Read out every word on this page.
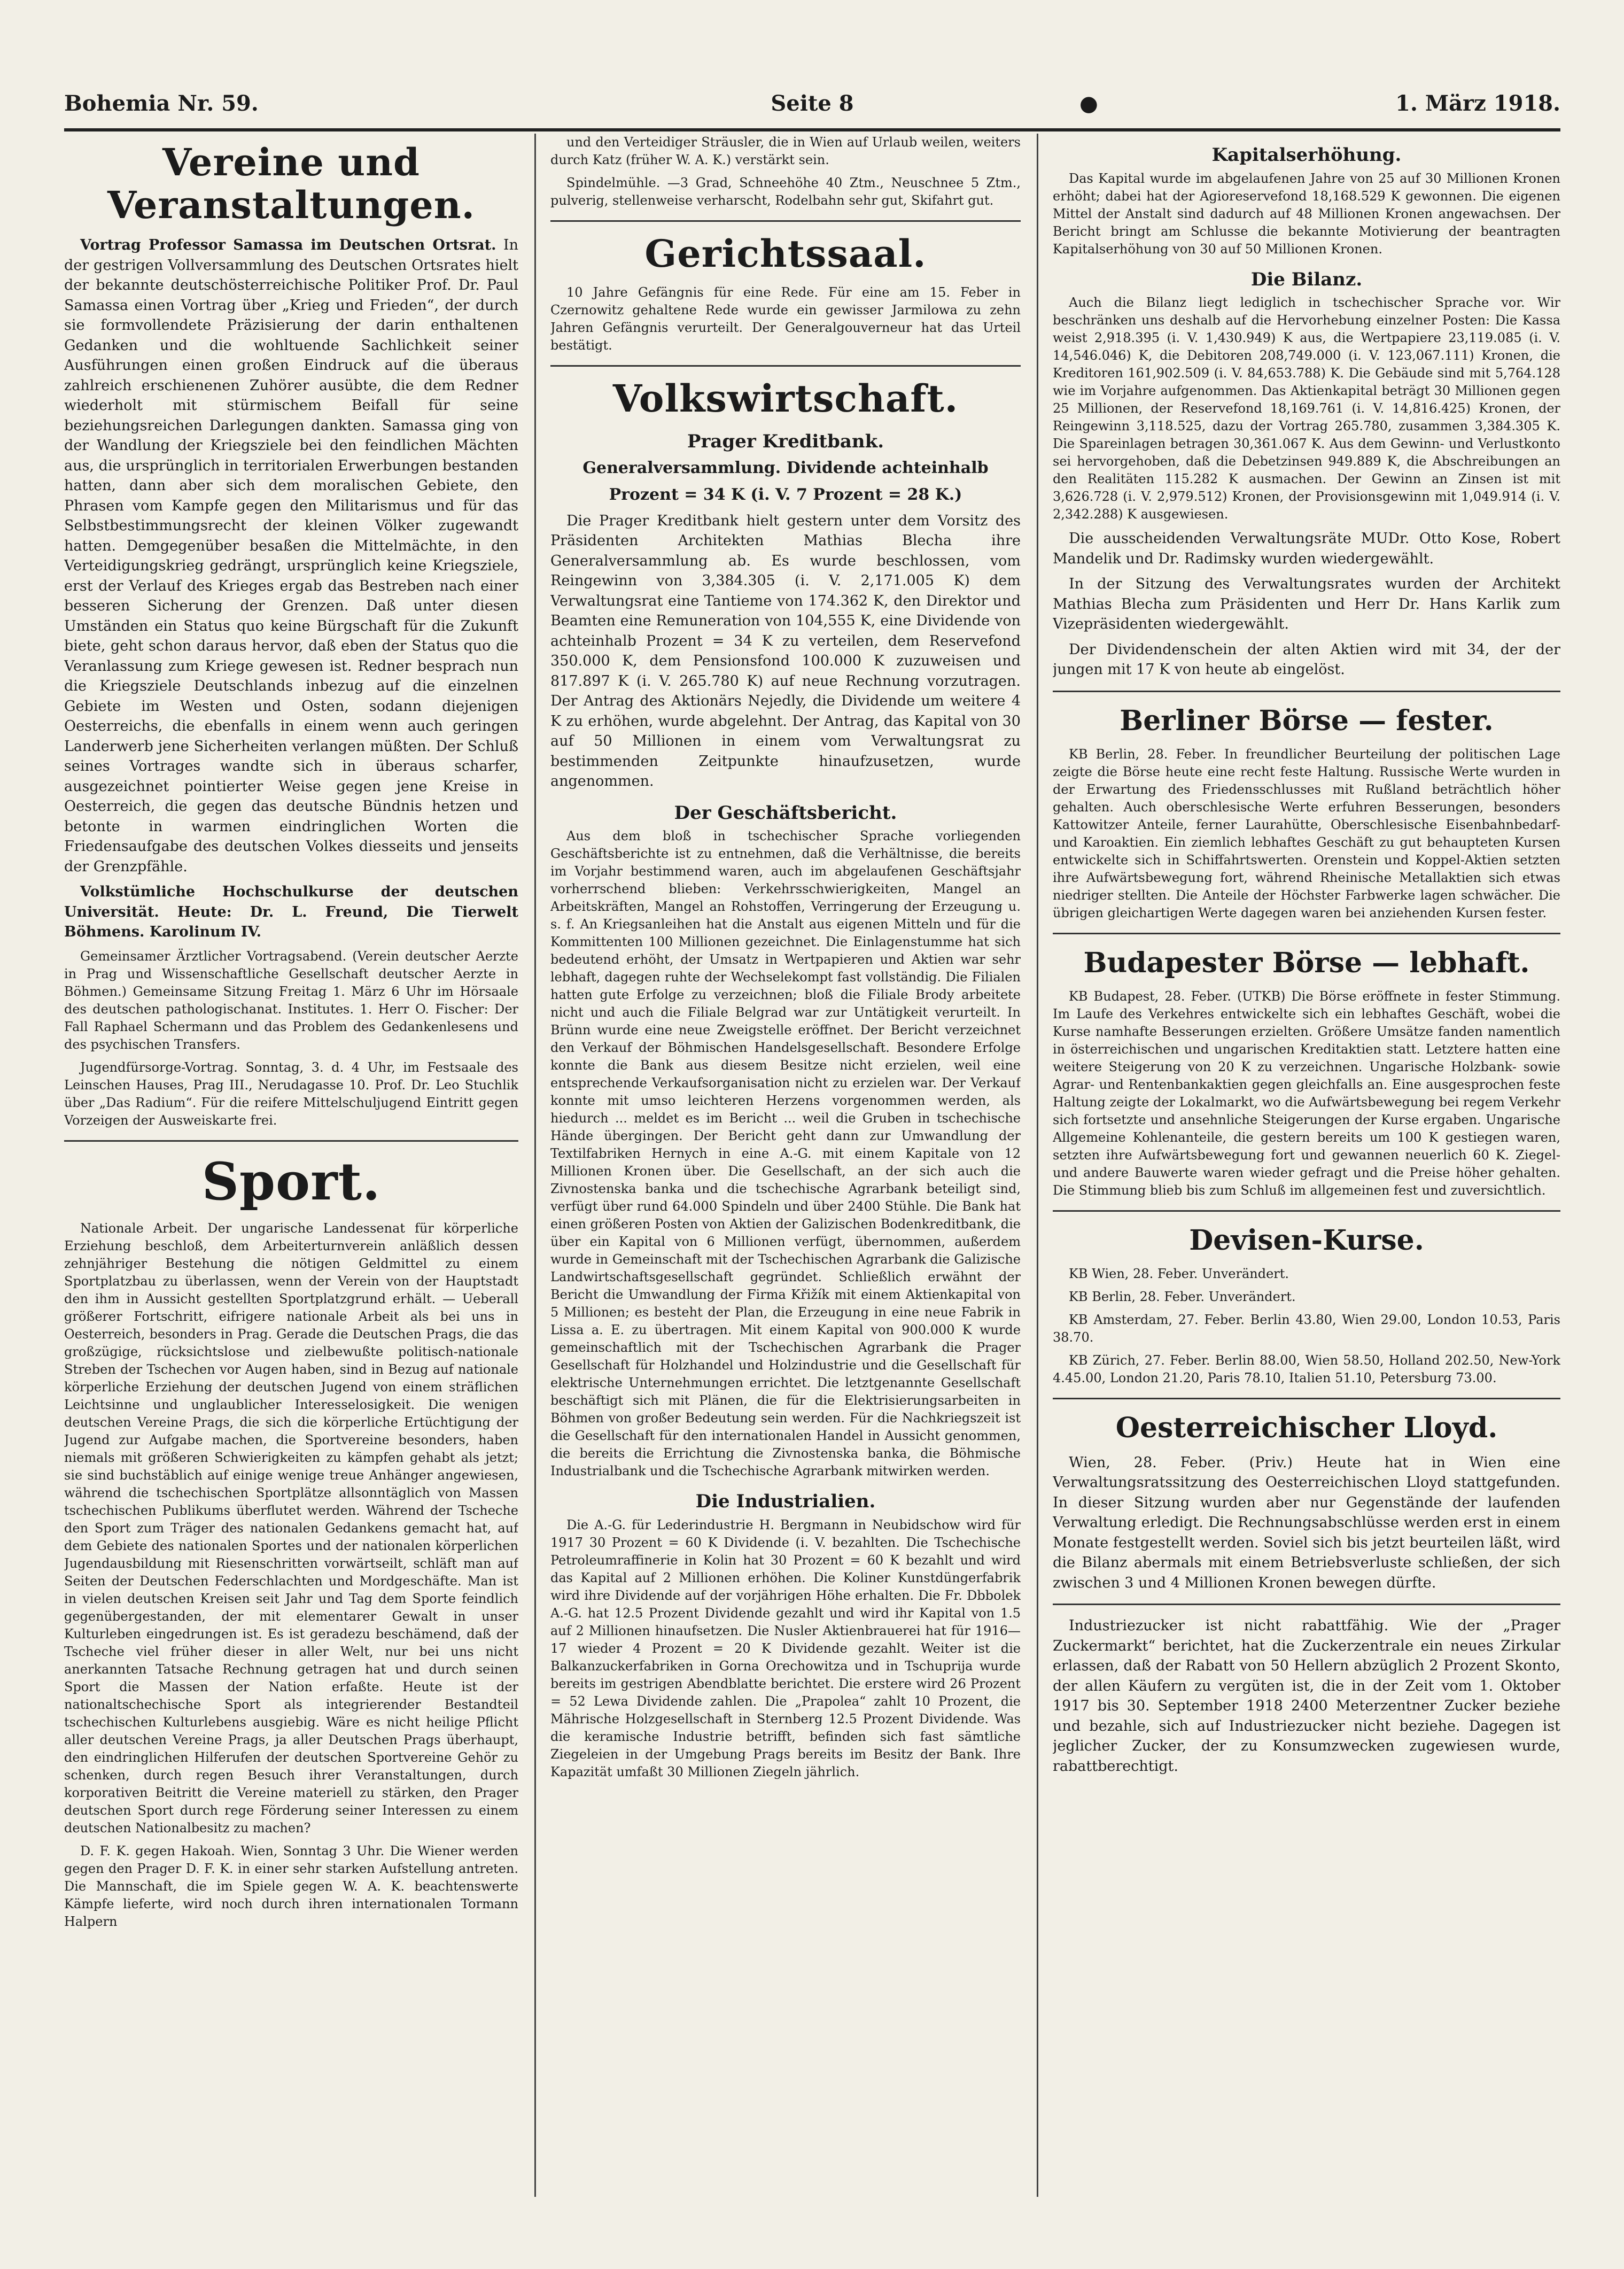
Bohemia Nr. 59.	Seite 8	●	1. März 1918.
Vereine und Veranstaltungen.

Vortrag Professor Samassa im Deutschen Ortsrat. In der gestrigen Vollversammlung des Deutschen Ortsrates hielt der bekannte deutschösterreichische Politiker Prof. Dr. Paul Samassa einen Vortrag über „Krieg und Frieden“, der durch sie formvollendete Präzisierung der darin enthaltenen Gedanken und die wohltuende Sachlichkeit seiner Ausführungen einen großen Eindruck auf die überaus zahlreich erschienenen Zuhörer ausübte, die dem Redner wiederholt mit stürmischem Beifall für seine beziehungsreichen Darlegungen dankten. Samassa ging von der Wandlung der Kriegsziele bei den feindlichen Mächten aus, die ursprünglich in territorialen Erwerbungen bestanden hatten, dann aber sich dem moralischen Gebiete, den Phrasen vom Kampfe gegen den Militarismus und für das Selbstbestimmungsrecht der kleinen Völker zugewandt hatten. Demgegenüber besaßen die Mittelmächte, in den Verteidigungskrieg gedrängt, ursprünglich keine Kriegsziele, erst der Verlauf des Krieges ergab das Bestreben nach einer besseren Sicherung der Grenzen. Daß unter diesen Umständen ein Status quo keine Bürgschaft für die Zukunft biete, geht schon daraus hervor, daß eben der Status quo die Veranlassung zum Kriege gewesen ist. Redner besprach nun die Kriegsziele Deutschlands inbezug auf die einzelnen Gebiete im Westen und Osten, sodann diejenigen Oesterreichs, die ebenfalls in einem wenn auch geringen Landerwerb jene Sicherheiten verlangen müßten. Der Schluß seines Vortrages wandte sich in überaus scharfer, ausgezeichnet pointierter Weise gegen jene Kreise in Oesterreich, die gegen das deutsche Bündnis hetzen und betonte in warmen eindringlichen Worten die Friedensaufgabe des deutschen Volkes diesseits und jenseits der Grenzpfähle.

Volkstümliche Hochschulkurse der deutschen Universität. Heute: Dr. L. Freund, Die Tierwelt Böhmens. Karolinum IV.

Gemeinsamer Ärztlicher Vortragsabend. (Verein deutscher Aerzte in Prag und Wissenschaftliche Gesellschaft deutscher Aerzte in Böhmen.) Gemeinsame Sitzung Freitag 1. März 6 Uhr im Hörsaale des deutschen pathologischanat. Institutes. 1. Herr O. Fischer: Der Fall Raphael Schermann und das Problem des Gedankenlesens und des psychischen Transfers.

Jugendfürsorge-Vortrag. Sonntag, 3. d. 4 Uhr, im Festsaale des Leinschen Hauses, Prag III., Nerudagasse 10. Prof. Dr. Leo Stuchlik über „Das Radium“. Für die reifere Mittelschuljugend Eintritt gegen Vorzeigen der Ausweiskarte frei.

Sport.

Nationale Arbeit. Der ungarische Landessenat für körperliche Erziehung beschloß, dem Arbeiterturnverein anläßlich dessen zehnjähriger Bestehung die nötigen Geldmittel zu einem Sportplatzbau zu überlassen, wenn der Verein von der Hauptstadt den ihm in Aussicht gestellten Sportplatzgrund erhält. — Ueberall größerer Fortschritt, eifrigere nationale Arbeit als bei uns in Oesterreich, besonders in Prag. Gerade die Deutschen Prags, die das großzügige, rücksichtslose und zielbewußte politisch-nationale Streben der Tschechen vor Augen haben, sind in Bezug auf nationale körperliche Erziehung der deutschen Jugend von einem sträflichen Leichtsinne und unglaublicher Interesselosigkeit. Die wenigen deutschen Vereine Prags, die sich die körperliche Ertüchtigung der Jugend zur Aufgabe machen, die Sportvereine besonders, haben niemals mit größeren Schwierigkeiten zu kämpfen gehabt als jetzt; sie sind buchstäblich auf einige wenige treue Anhänger angewiesen, während die tschechischen Sportplätze allsonntäglich von Massen tschechischen Publikums überflutet werden. Während der Tscheche den Sport zum Träger des nationalen Gedankens gemacht hat, auf dem Gebiete des nationalen Sportes und der nationalen körperlichen Jugendausbildung mit Riesenschritten vorwärtseilt, schläft man auf Seiten der Deutschen Federschlachten und Mordgeschäfte. Man ist in vielen deutschen Kreisen seit Jahr und Tag dem Sporte feindlich gegenübergestanden, der mit elementarer Gewalt in unser Kulturleben eingedrungen ist. Es ist geradezu beschämend, daß der Tscheche viel früher dieser in aller Welt, nur bei uns nicht anerkannten Tatsache Rechnung getragen hat und durch seinen Sport die Massen der Nation erfaßte. Heute ist der nationaltschechische Sport als integrierender Bestandteil tschechischen Kulturlebens ausgiebig. Wäre es nicht heilige Pflicht aller deutschen Vereine Prags, ja aller Deutschen Prags überhaupt, den eindringlichen Hilferufen der deutschen Sportvereine Gehör zu schenken, durch regen Besuch ihrer Veranstaltungen, durch korporativen Beitritt die Vereine materiell zu stärken, den Prager deutschen Sport durch rege Förderung seiner Interessen zu einem deutschen Nationalbesitz zu machen?

D. F. K. gegen Hakoah. Wien, Sonntag 3 Uhr. Die Wiener werden gegen den Prager D. F. K. in einer sehr starken Aufstellung antreten. Die Mannschaft, die im Spiele gegen W. A. K. beachtenswerte Kämpfe lieferte, wird noch durch ihren internationalen Tormann Halpern

und den Verteidiger Sträusler, die in Wien auf Urlaub weilen, weiters durch Katz (früher W. A. K.) verstärkt sein.

Spindelmühle. —3 Grad, Schneehöhe 40 Ztm., Neuschnee 5 Ztm., pulverig, stellenweise verharscht, Rodelbahn sehr gut, Skifahrt gut.

Gerichtssaal.

10 Jahre Gefängnis für eine Rede. Für eine am 15. Feber in Czernowitz gehaltene Rede wurde ein gewisser Jarmilowa zu zehn Jahren Gefängnis verurteilt. Der Generalgouverneur hat das Urteil bestätigt.

Volkswirtschaft.
Prager Kreditbank.
Generalversammlung. Dividende achteinhalb
Prozent = 34 K (i. V. 7 Prozent = 28 K.)

Die Prager Kreditbank hielt gestern unter dem Vorsitz des Präsidenten Architekten Mathias Blecha ihre Generalversammlung ab. Es wurde beschlossen, vom Reingewinn von 3,384.305 (i. V. 2,171.005 K) dem Verwaltungsrat eine Tantieme von 174.362 K, den Direktor und Beamten eine Remuneration von 104,555 K, eine Dividende von achteinhalb Prozent = 34 K zu verteilen, dem Reservefond 350.000 K, dem Pensionsfond 100.000 K zuzuweisen und 817.897 K (i. V. 265.780 K) auf neue Rechnung vorzutragen. Der Antrag des Aktionärs Nejedly, die Dividende um weitere 4 K zu erhöhen, wurde abgelehnt. Der Antrag, das Kapital von 30 auf 50 Millionen in einem vom Verwaltungsrat zu bestimmenden Zeitpunkte hinaufzusetzen, wurde angenommen.

Der Geschäftsbericht.

Aus dem bloß in tschechischer Sprache vorliegenden Geschäftsberichte ist zu entnehmen, daß die Verhältnisse, die bereits im Vorjahr bestimmend waren, auch im abgelaufenen Geschäftsjahr vorherrschend blieben: Verkehrsschwierigkeiten, Mangel an Arbeitskräften, Mangel an Rohstoffen, Verringerung der Erzeugung u. s. f. An Kriegsanleihen hat die Anstalt aus eigenen Mitteln und für die Kommittenten 100 Millionen gezeichnet. Die Einlagenstumme hat sich bedeutend erhöht, der Umsatz in Wertpapieren und Aktien war sehr lebhaft, dagegen ruhte der Wechselekompt fast vollständig. Die Filialen hatten gute Erfolge zu verzeichnen; bloß die Filiale Brody arbeitete nicht und auch die Filiale Belgrad war zur Untätigkeit verurteilt. In Brünn wurde eine neue Zweigstelle eröffnet. Der Bericht verzeichnet den Verkauf der Böhmischen Handelsgesellschaft. Besondere Erfolge konnte die Bank aus diesem Besitze nicht erzielen, weil eine entsprechende Verkaufsorganisation nicht zu erzielen war. Der Verkauf konnte mit umso leichteren Herzens vorgenommen werden, als hiedurch ... meldet es im Bericht ... weil die Gruben in tschechische Hände übergingen. Der Bericht geht dann zur Umwandlung der Textilfabriken Hernych in eine A.-G. mit einem Kapitale von 12 Millionen Kronen über. Die Gesellschaft, an der sich auch die Zivnostenska banka und die tschechische Agrarbank beteiligt sind, verfügt über rund 64.000 Spindeln und über 2400 Stühle. Die Bank hat einen größeren Posten von Aktien der Galizischen Bodenkreditbank, die über ein Kapital von 6 Millionen verfügt, übernommen, außerdem wurde in Gemeinschaft mit der Tschechischen Agrarbank die Galizische Landwirtschaftsgesellschaft gegründet. Schließlich erwähnt der Bericht die Umwandlung der Firma Křižík mit einem Aktienkapital von 5 Millionen; es besteht der Plan, die Erzeugung in eine neue Fabrik in Lissa a. E. zu übertragen. Mit einem Kapital von 900.000 K wurde gemeinschaftlich mit der Tschechischen Agrarbank die Prager Gesellschaft für Holzhandel und Holzindustrie und die Gesellschaft für elektrische Unternehmungen errichtet. Die letztgenannte Gesellschaft beschäftigt sich mit Plänen, die für die Elektrisierungsarbeiten in Böhmen von großer Bedeutung sein werden. Für die Nachkriegszeit ist die Gesellschaft für den internationalen Handel in Aussicht genommen, die bereits die Errichtung die Zivnostenska banka, die Böhmische Industrialbank und die Tschechische Agrarbank mitwirken werden.

Die Industrialien.

Die A.-G. für Lederindustrie H. Bergmann in Neubidschow wird für 1917 30 Prozent = 60 K Dividende (i. V. bezahlten. Die Tschechische Petroleumraffinerie in Kolin hat 30 Prozent = 60 K bezahlt und wird das Kapital auf 2 Millionen erhöhen. Die Koliner Kunstdüngerfabrik wird ihre Dividende auf der vorjährigen Höhe erhalten. Die Fr. Dbbolek A.-G. hat 12.5 Prozent Dividende gezahlt und wird ihr Kapital von 1.5 auf 2 Millionen hinaufsetzen. Die Nusler Aktienbrauerei hat für 1916—17 wieder 4 Prozent = 20 K Dividende gezahlt. Weiter ist die Balkanzuckerfabriken in Gorna Orechowitza und in Tschuprija wurde bereits im gestrigen Abendblatte berichtet. Die erstere wird 26 Prozent = 52 Lewa Dividende zahlen. Die „Prapolea“ zahlt 10 Prozent, die Mährische Holzgesellschaft in Sternberg 12.5 Prozent Dividende. Was die keramische Industrie betrifft, befinden sich fast sämtliche Ziegeleien in der Umgebung Prags bereits im Besitz der Bank. Ihre Kapazität umfaßt 30 Millionen Ziegeln jährlich.

Kapitalserhöhung.

Das Kapital wurde im abgelaufenen Jahre von 25 auf 30 Millionen Kronen erhöht; dabei hat der Agioreservefond 18,168.529 K gewonnen. Die eigenen Mittel der Anstalt sind dadurch auf 48 Millionen Kronen angewachsen. Der Bericht bringt am Schlusse die bekannte Motivierung der beantragten Kapitalserhöhung von 30 auf 50 Millionen Kronen.

Die Bilanz.

Auch die Bilanz liegt lediglich in tschechischer Sprache vor. Wir beschränken uns deshalb auf die Hervorhebung einzelner Posten: Die Kassa weist 2,918.395 (i. V. 1,430.949) K aus, die Wertpapiere 23,119.085 (i. V. 14,546.046) K, die Debitoren 208,749.000 (i. V. 123,067.111) Kronen, die Kreditoren 161,902.509 (i. V. 84,653.788) K. Die Gebäude sind mit 5,764.128 wie im Vorjahre aufgenommen. Das Aktienkapital beträgt 30 Millionen gegen 25 Millionen, der Reservefond 18,169.761 (i. V. 14,816.425) Kronen, der Reingewinn 3,118.525, dazu der Vortrag 265.780, zusammen 3,384.305 K. Die Spareinlagen betragen 30,361.067 K. Aus dem Gewinn- und Verlustkonto sei hervorgehoben, daß die Debetzinsen 949.889 K, die Abschreibungen an den Realitäten 115.282 K ausmachen. Der Gewinn an Zinsen ist mit 3,626.728 (i. V. 2,979.512) Kronen, der Provisionsgewinn mit 1,049.914 (i. V. 2,342.288) K ausgewiesen.

Die ausscheidenden Verwaltungsräte MUDr. Otto Kose, Robert Mandelik und Dr. Radimsky wurden wiedergewählt.

In der Sitzung des Verwaltungsrates wurden der Architekt Mathias Blecha zum Präsidenten und Herr Dr. Hans Karlik zum Vizepräsidenten wiedergewählt.

Der Dividendenschein der alten Aktien wird mit 34, der der jungen mit 17 K von heute ab eingelöst.

Berliner Börse — fester.

KB Berlin, 28. Feber. In freundlicher Beurteilung der politischen Lage zeigte die Börse heute eine recht feste Haltung. Russische Werte wurden in der Erwartung des Friedensschlusses mit Rußland beträchtlich höher gehalten. Auch oberschlesische Werte erfuhren Besserungen, besonders Kattowitzer Anteile, ferner Laurahütte, Oberschlesische Eisenbahnbedarf- und Karoaktien. Ein ziemlich lebhaftes Geschäft zu gut behaupteten Kursen entwickelte sich in Schiffahrtswerten. Orenstein und Koppel-Aktien setzten ihre Aufwärtsbewegung fort, während Rheinische Metallaktien sich etwas niedriger stellten. Die Anteile der Höchster Farbwerke lagen schwächer. Die übrigen gleichartigen Werte dagegen waren bei anziehenden Kursen fester.

Budapester Börse — lebhaft.

KB Budapest, 28. Feber. (UTKB) Die Börse eröffnete in fester Stimmung. Im Laufe des Verkehres entwickelte sich ein lebhaftes Geschäft, wobei die Kurse namhafte Besserungen erzielten. Größere Umsätze fanden namentlich in österreichischen und ungarischen Kreditaktien statt. Letztere hatten eine weitere Steigerung von 20 K zu verzeichnen. Ungarische Holzbank- sowie Agrar- und Rentenbankaktien gegen gleichfalls an. Eine ausgesprochen feste Haltung zeigte der Lokalmarkt, wo die Aufwärtsbewegung bei regem Verkehr sich fortsetzte und ansehnliche Steigerungen der Kurse ergaben. Ungarische Allgemeine Kohlenanteile, die gestern bereits um 100 K gestiegen waren, setzten ihre Aufwärtsbewegung fort und gewannen neuerlich 60 K. Ziegel- und andere Bauwerte waren wieder gefragt und die Preise höher gehalten. Die Stimmung blieb bis zum Schluß im allgemeinen fest und zuversichtlich.

Devisen-Kurse.

KB Wien, 28. Feber. Unverändert.

KB Berlin, 28. Feber. Unverändert.

KB Amsterdam, 27. Feber. Berlin 43.80, Wien 29.00, London 10.53, Paris 38.70.

KB Zürich, 27. Feber. Berlin 88.00, Wien 58.50, Holland 202.50, New-York 4.45.00, London 21.20, Paris 78.10, Italien 51.10, Petersburg 73.00.

Oesterreichischer Lloyd.

Wien, 28. Feber. (Priv.) Heute hat in Wien eine Verwaltungsratssitzung des Oesterreichischen Lloyd stattgefunden. In dieser Sitzung wurden aber nur Gegenstände der laufenden Verwaltung erledigt. Die Rechnungsabschlüsse werden erst in einem Monate festgestellt werden. Soviel sich bis jetzt beurteilen läßt, wird die Bilanz abermals mit einem Betriebsverluste schließen, der sich zwischen 3 und 4 Millionen Kronen bewegen dürfte.

Industriezucker ist nicht rabattfähig. Wie der „Prager Zuckermarkt“ berichtet, hat die Zuckerzentrale ein neues Zirkular erlassen, daß der Rabatt von 50 Hellern abzüglich 2 Prozent Skonto, der allen Käufern zu vergüten ist, die in der Zeit vom 1. Oktober 1917 bis 30. September 1918 2400 Meterzentner Zucker beziehe und bezahle, sich auf Industriezucker nicht beziehe. Dagegen ist jeglicher Zucker, der zu Konsumzwecken zugewiesen wurde, rabattberechtigt.
